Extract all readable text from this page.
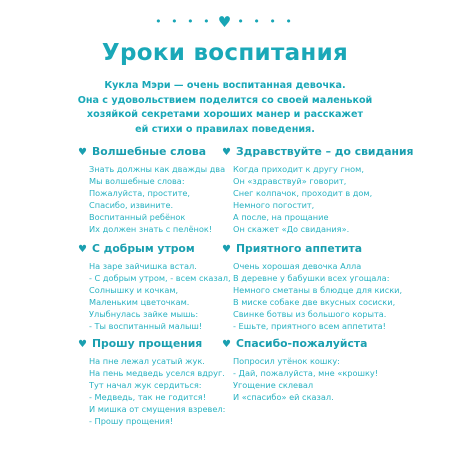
• • • • ♥ • • • •
Уроки воспитания
Кукла Мэри — очень воспитанная девочка.
Она с удовольствием поделится со своей маленькой
хозяйкой секретами хороших манер и расскажет
ей стихи о правилах поведения.
♥ Волшебные слова
Знать должны как дважды два
Мы волшебные слова:
Пожалуйста, простите,
Спасибо, извините.
Воспитанный ребёнок
Их должен знать с пелёнок!
♥ Здравствуйте – до свидания
Когда приходит к другу гном,
Он «здравствуй» говорит,
Снег колпачок, проходит в дом,
Немного погостит,
А после, на прощание
Он скажет «До свидания».
♥ С добрым утром
На заре зайчишка встал.
- С добрым утром, - всем сказал,
Солнышку и кочкам,
Маленьким цветочкам.
Улыбнулась зайке мышь:
- Ты воспитанный малыш!
♥ Приятного аппетита
Очень хорошая девочка Алла
В деревне у бабушки всех угощала:
Немного сметаны в блюдце для киски,
В миске собаке две вкусных сосиски,
Свинке ботвы из большого корыта.
- Ешьте, приятного всем аппетита!
♥ Прошу прощения
На пне лежал усатый жук.
На пень медведь уселся вдруг.
Тут начал жук сердиться:
- Медведь, так не годится!
И мишка от смущения взревел:
- Прошу прощения!
♥ Спасибо-пожалуйста
Попросил утёнок кошку:
- Дай, пожалуйста, мне «крошку!
Угощение склевал
И «спасибо» ей сказал.
